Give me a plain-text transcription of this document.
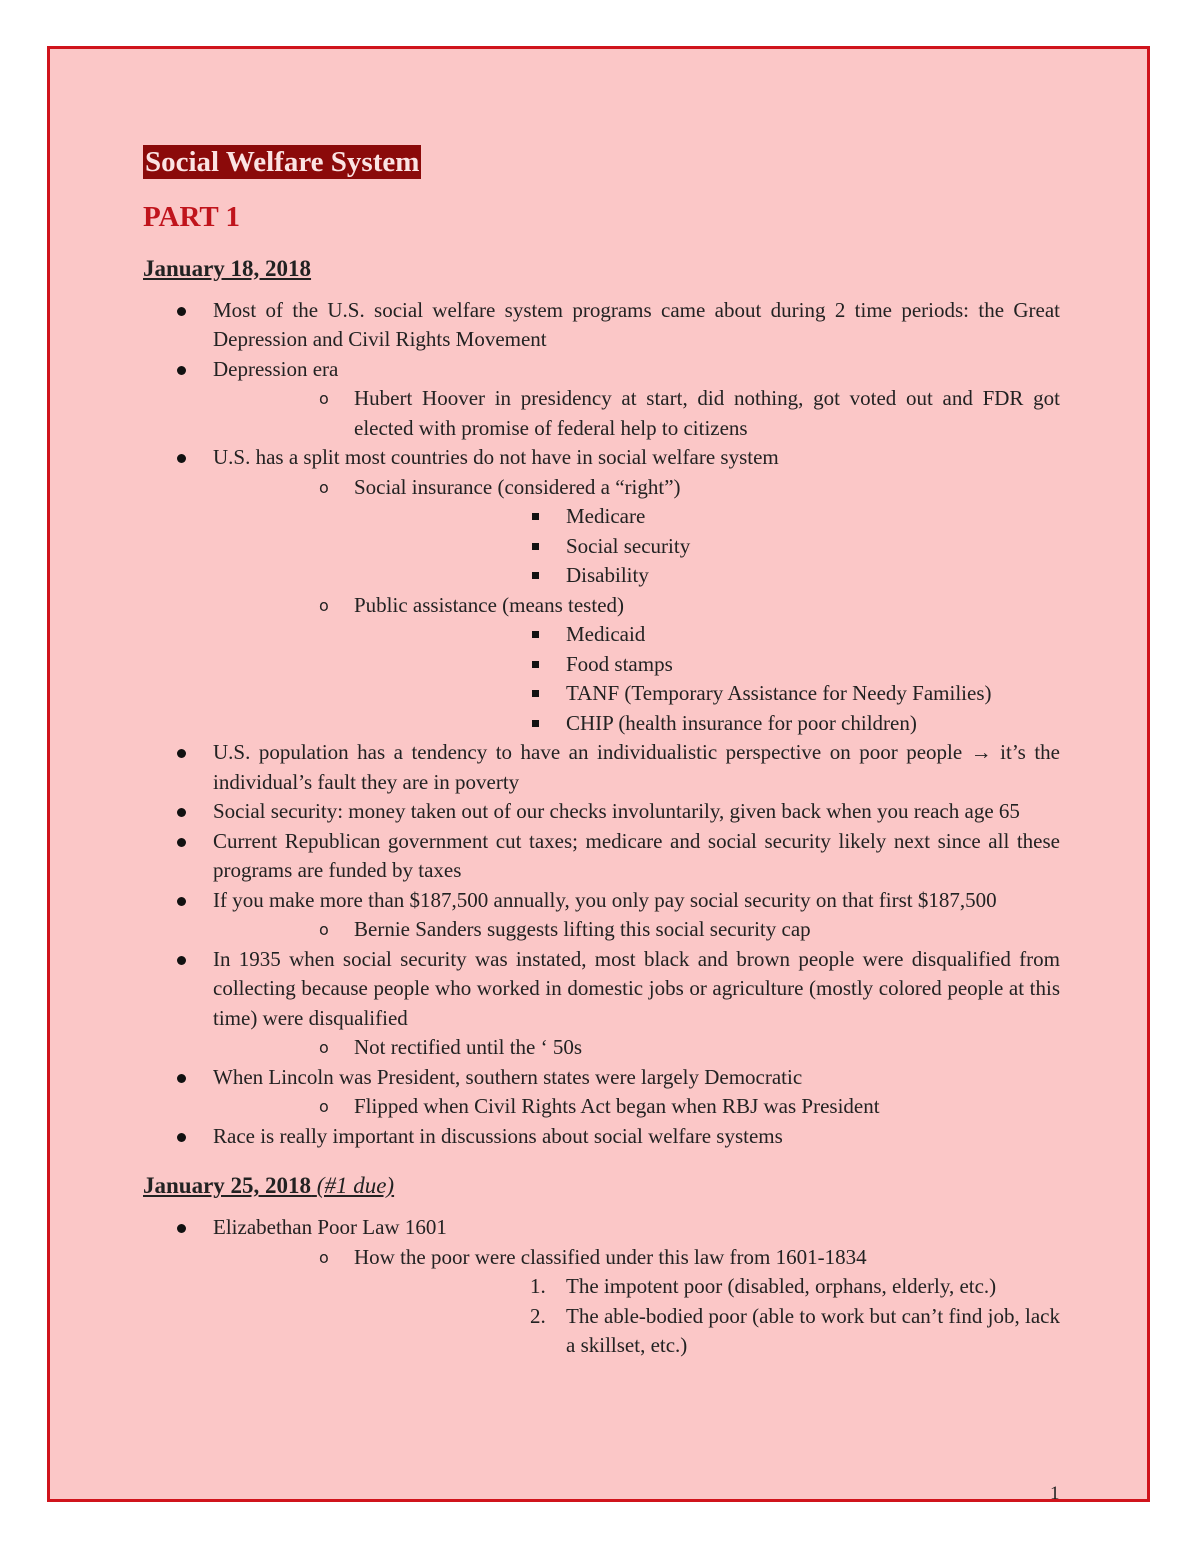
Social Welfare System
PART 1
January 18, 2018
Most of the U.S. social welfare system programs came about during 2 time periods: the Great Depression and Civil Rights Movement
Depression era
o Hubert Hoover in presidency at start, did nothing, got voted out and FDR got elected with promise of federal help to citizens
U.S. has a split most countries do not have in social welfare system
o Social insurance (considered a “right”)
Medicare
Social security
Disability
o Public assistance (means tested)
Medicaid
Food stamps
TANF (Temporary Assistance for Needy Families)
CHIP (health insurance for poor children)
U.S. population has a tendency to have an individualistic perspective on poor people → it’s the individual’s fault they are in poverty
Social security: money taken out of our checks involuntarily, given back when you reach age 65
Current Republican government cut taxes; medicare and social security likely next since all these programs are funded by taxes
If you make more than $187,500 annually, you only pay social security on that first $187,500
o Bernie Sanders suggests lifting this social security cap
In 1935 when social security was instated, most black and brown people were disqualified from collecting because people who worked in domestic jobs or agriculture (mostly colored people at this time) were disqualified
o Not rectified until the ‘ 50s
When Lincoln was President, southern states were largely Democratic
o Flipped when Civil Rights Act began when RBJ was President
Race is really important in discussions about social welfare systems
January 25, 2018 (#1 due)
Elizabethan Poor Law 1601
o How the poor were classified under this law from 1601-1834
1. The impotent poor (disabled, orphans, elderly, etc.)
2. The able-bodied poor (able to work but can’t find job, lack a skillset, etc.)
1
